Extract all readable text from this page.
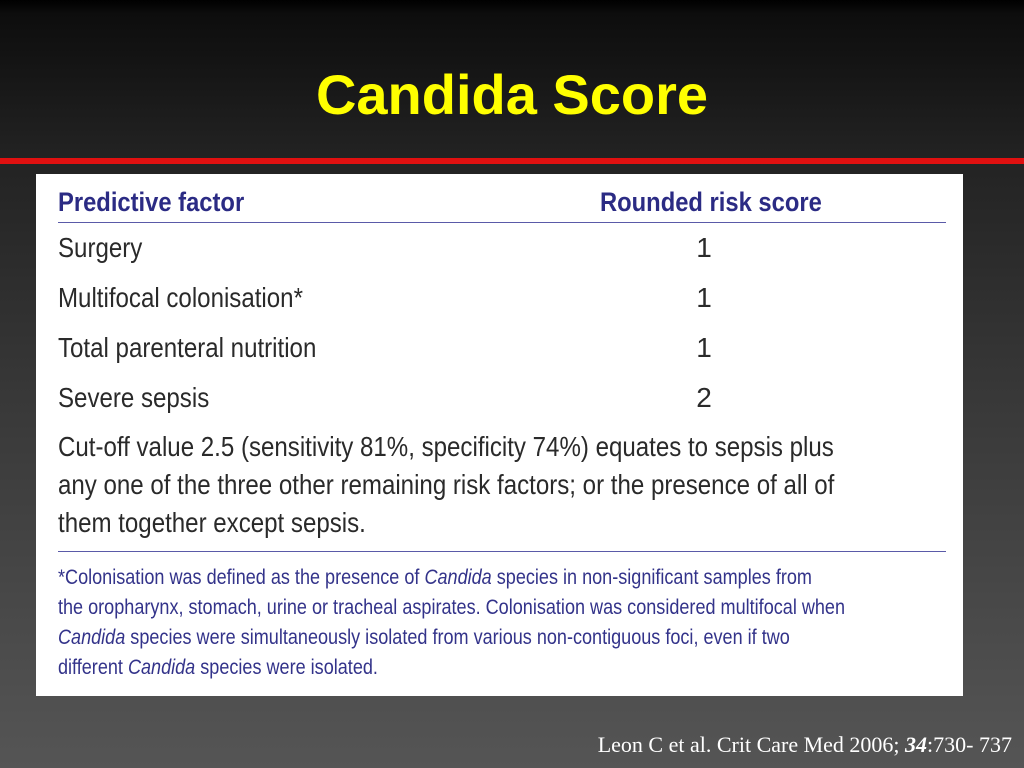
Candida Score
Predictive factor	Rounded risk score
Surgery	1
Multifocal colonisation*	1
Total parenteral nutrition	1
Severe sepsis	2
Cut-off value 2.5 (sensitivity 81%, specificity 74%) equates to sepsis plus
any one of the three other remaining risk factors; or the presence of all of
them together except sepsis.
*Colonisation was defined as the presence of Candida species in non-significant samples from
the oropharynx, stomach, urine or tracheal aspirates. Colonisation was considered multifocal when
Candida species were simultaneously isolated from various non-contiguous foci, even if two
different Candida species were isolated.
Leon C et al. Crit Care Med 2006; 34:730- 737
